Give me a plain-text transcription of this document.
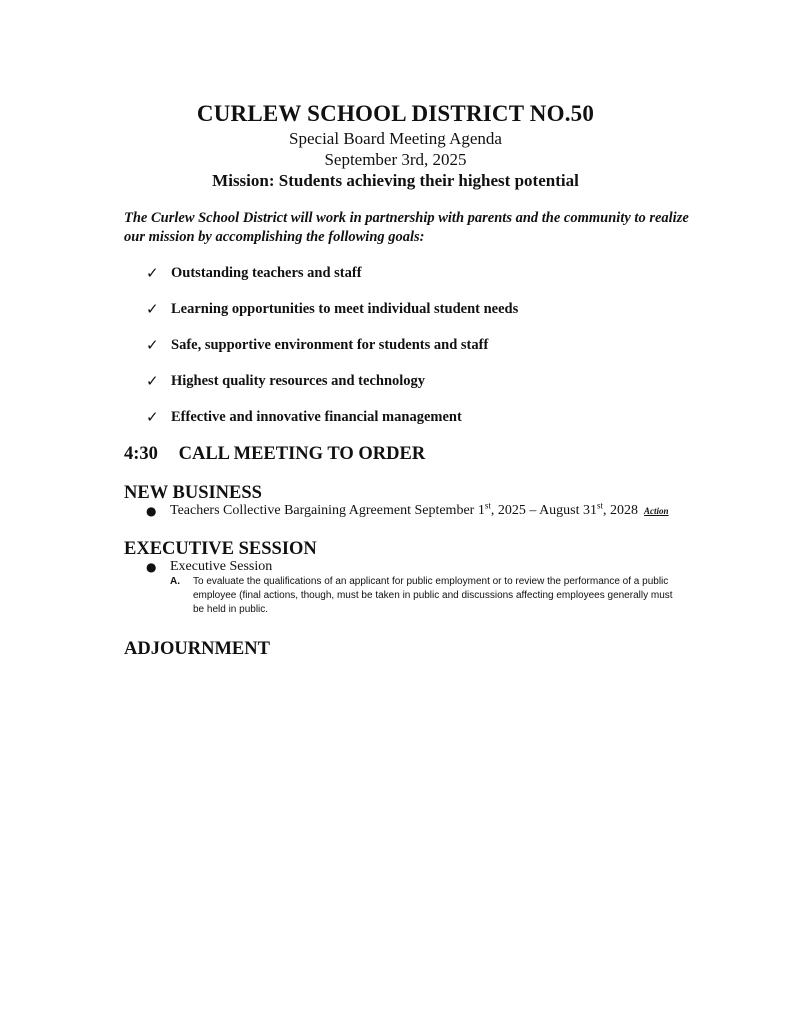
CURLEW SCHOOL DISTRICT NO.50
Special Board Meeting Agenda
September 3rd, 2025
Mission: Students achieving their highest potential
The Curlew School District will work in partnership with parents and the community to realize our mission by accomplishing the following goals:
✓ Outstanding teachers and staff
✓ Learning opportunities to meet individual student needs
✓ Safe, supportive environment for students and staff
✓ Highest quality resources and technology
✓ Effective and innovative financial management
4:30 CALL MEETING TO ORDER
NEW BUSINESS
● Teachers Collective Bargaining Agreement September 1st, 2025 – August 31st, 2028 Action
EXECUTIVE SESSION
● Executive Session
A.	To evaluate the qualifications of an applicant for public employment or to review the performance of a public employee (final actions, though, must be taken in public and discussions affecting employees generally must be held in public.
ADJOURNMENT
